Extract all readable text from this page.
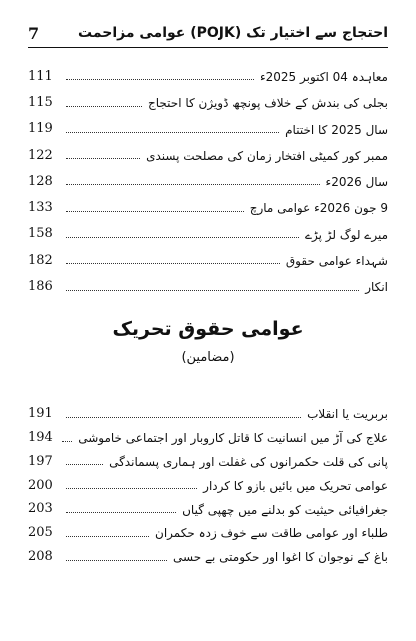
7	احتجاج سے اختیار تک (POJK) عوامی مزاحمت
معاہدہ 04 اکتوبر 2025ء
111
بجلی کی بندش کے خلاف پونچھ ڈویژن کا احتجاج
115
سال 2025 کا اختتام
119
ممبر کور کمیٹی افتخار زمان کی مصلحت پسندی
122
سال 2026ء
128
9 جون 2026ء عوامی مارچ
133
میرے لوگ لڑ پڑے
158
شہداء عوامی حقوق
182
انکار
186
عوامی حقوق تحریک
(مضامین)
بربریت یا انقلاب
191
علاج کی آڑ میں انسانیت کا قاتل کاروبار اور اجتماعی خاموشی
194
پانی کی قلت حکمرانوں کی غفلت اور ہماری پسماندگی
197
عوامی تحریک میں بائیں بازو کا کردار
200
جغرافیائی حیثیت کو بدلنے میں چھپی گیاں
203
طلباء اور عوامی طاقت سے خوف زدہ حکمران
205
باغ کے نوجوان کا اغوا اور حکومتی بے حسی
208
